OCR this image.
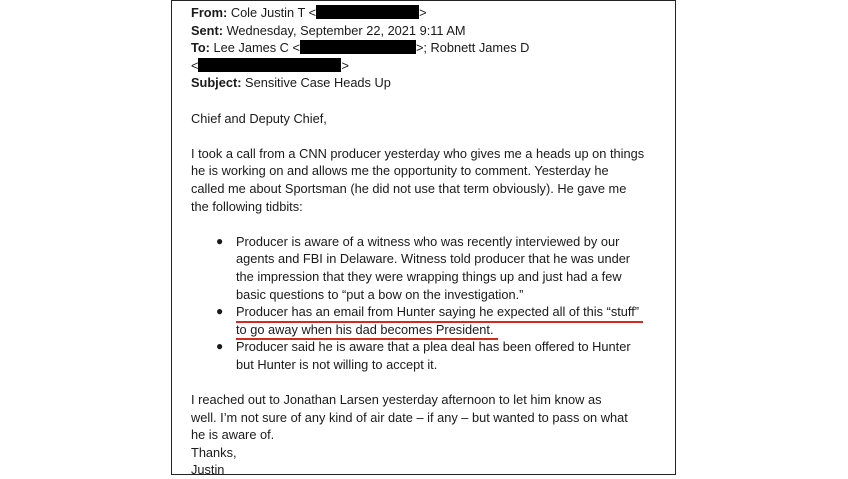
From: Cole Justin T <	>
Sent: Wednesday, September 22, 2021 9:11 AM
To: Lee James C <	>; Robnett James D
<	>
Subject: Sensitive Case Heads Up
Chief and Deputy Chief,
I took a call from a CNN producer yesterday who gives me a heads up on things
he is working on and allows me the opportunity to comment. Yesterday he
called me about Sportsman (he did not use that term obviously). He gave me
the following tidbits:
● Producer is aware of a witness who was recently interviewed by our
agents and FBI in Delaware. Witness told producer that he was under
the impression that they were wrapping things up and just had a few
basic questions to “put a bow on the investigation.”
● Producer has an email from Hunter saying he expected all of this “stuff”
to go away when his dad becomes President.
● Producer said he is aware that a plea deal has been offered to Hunter
but Hunter is not willing to accept it.
I reached out to Jonathan Larsen yesterday afternoon to let him know as
well. I’m not sure of any kind of air date – if any – but wanted to pass on what
he is aware of.
Thanks,
Justin
